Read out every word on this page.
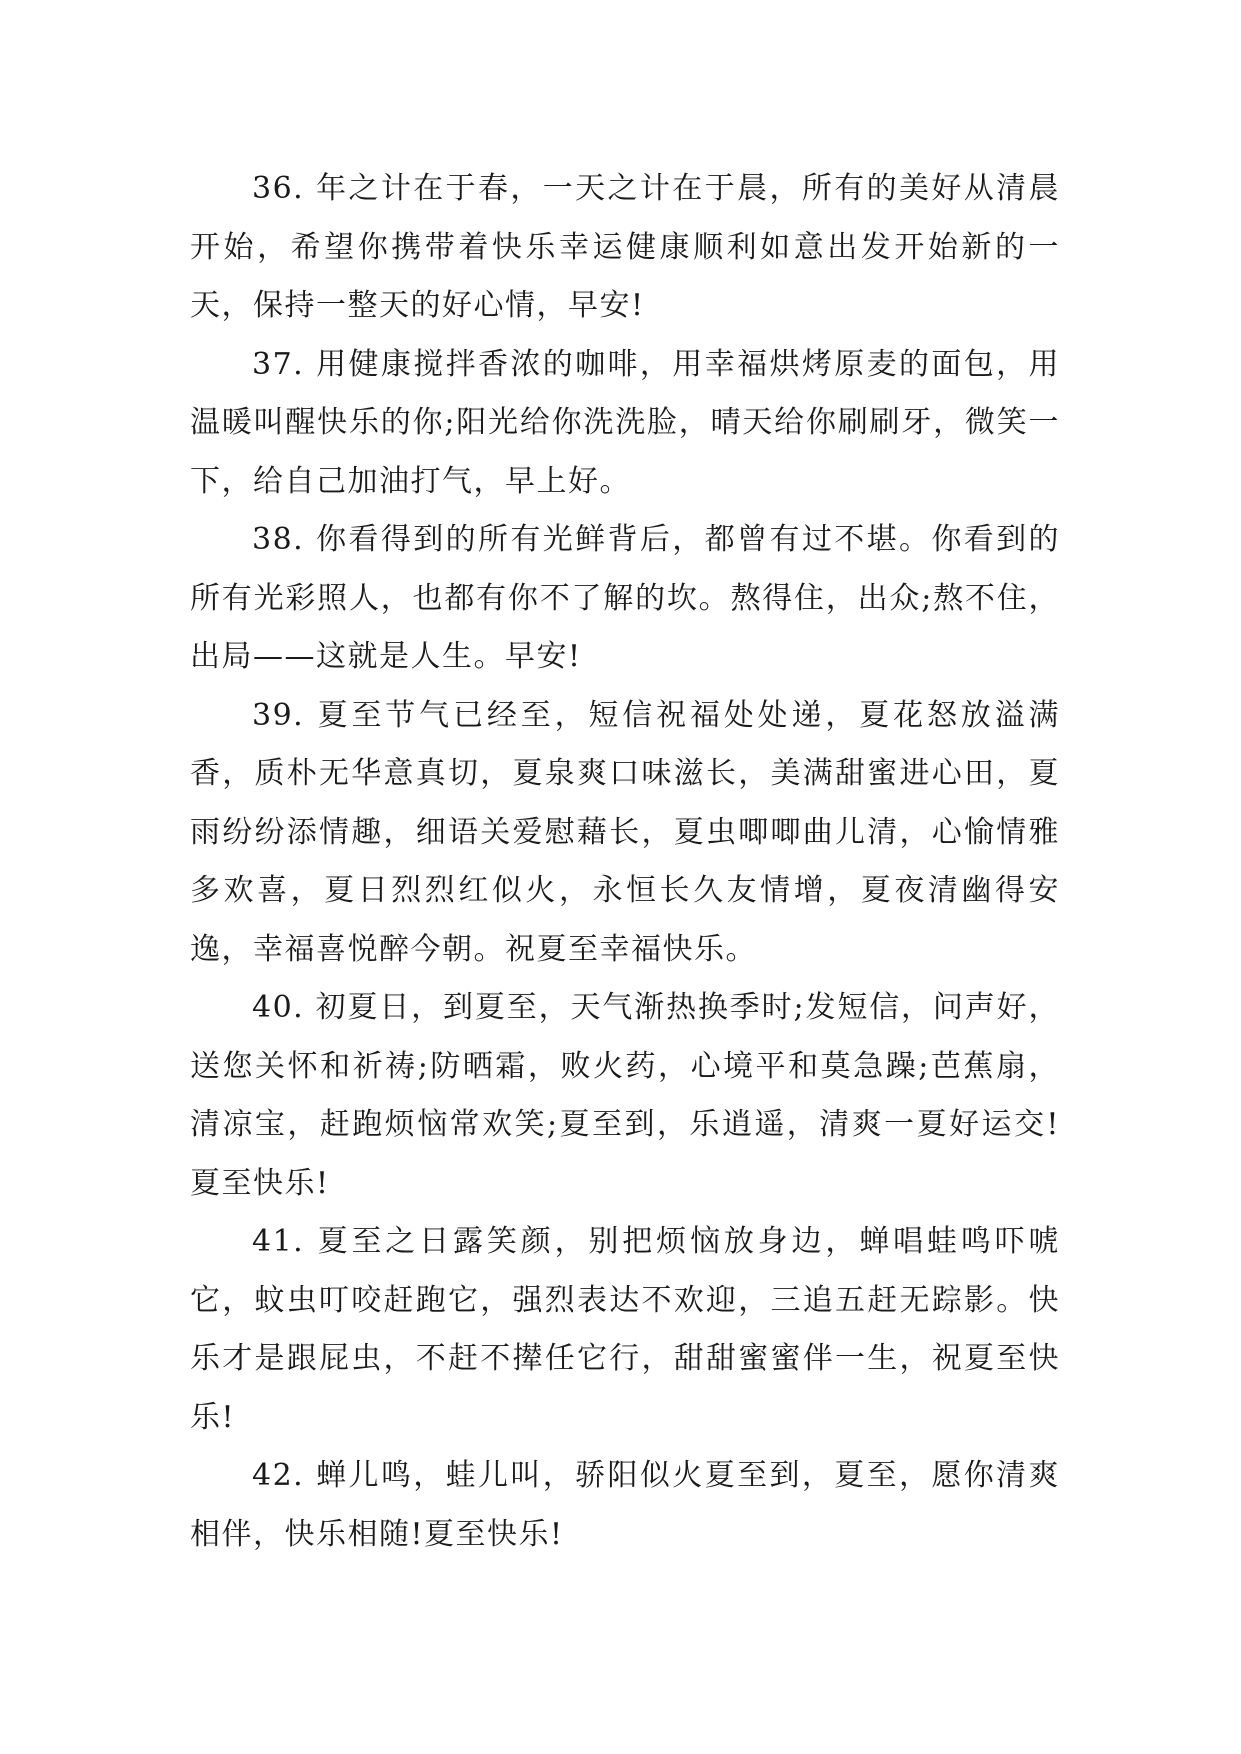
36. 年之计在于春，一天之计在于晨，所有的美好从清晨开始，希望你携带着快乐幸运健康顺利如意出发开始新的一天，保持一整天的好心情，早安!

37. 用健康搅拌香浓的咖啡，用幸福烘烤原麦的面包，用温暖叫醒快乐的你;阳光给你洗洗脸，晴天给你刷刷牙，微笑一下，给自己加油打气，早上好。

38. 你看得到的所有光鲜背后，都曾有过不堪。你看到的所有光彩照人，也都有你不了解的坎。熬得住，出众;熬不住，出局——这就是人生。早安!

39. 夏至节气已经至，短信祝福处处递，夏花怒放溢满香，质朴无华意真切，夏泉爽口味滋长，美满甜蜜进心田，夏雨纷纷添情趣，细语关爱慰藉长，夏虫唧唧曲儿清，心愉情雅多欢喜，夏日烈烈红似火，永恒长久友情增，夏夜清幽得安逸，幸福喜悦醉今朝。祝夏至幸福快乐。

40. 初夏日，到夏至，天气渐热换季时;发短信，问声好，送您关怀和祈祷;防晒霜，败火药，心境平和莫急躁;芭蕉扇，清凉宝，赶跑烦恼常欢笑;夏至到，乐逍遥，清爽一夏好运交!夏至快乐!

41. 夏至之日露笑颜，别把烦恼放身边，蝉唱蛙鸣吓唬它，蚊虫叮咬赶跑它，强烈表达不欢迎，三追五赶无踪影。快乐才是跟屁虫，不赶不撵任它行，甜甜蜜蜜伴一生，祝夏至快乐!

42. 蝉儿鸣，蛙儿叫，骄阳似火夏至到，夏至，愿你清爽相伴，快乐相随!夏至快乐!
